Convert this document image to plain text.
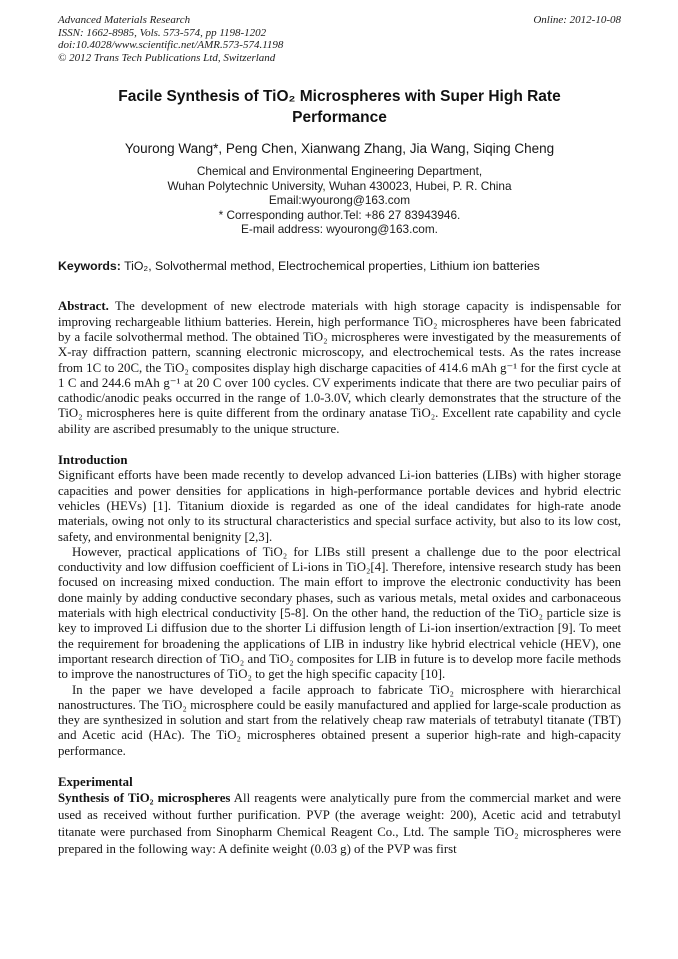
Advanced Materials Research
ISSN: 1662-8985, Vols. 573-574, pp 1198-1202
doi:10.4028/www.scientific.net/AMR.573-574.1198
© 2012 Trans Tech Publications Ltd, Switzerland
Online: 2012-10-08
Facile Synthesis of TiO₂ Microspheres with Super High Rate Performance
Yourong Wang*, Peng Chen, Xianwang Zhang, Jia Wang, Siqing Cheng
Chemical and Environmental Engineering Department,
Wuhan Polytechnic University, Wuhan 430023, Hubei, P. R. China
Email:wyourong@163.com
* Corresponding author.Tel: +86 27 83943946.
E-mail address: wyourong@163.com.

Keywords: TiO₂, Solvothermal method, Electrochemical properties, Lithium ion batteries

Abstract. The development of new electrode materials with high storage capacity is indispensable for improving rechargeable lithium batteries. Herein, high performance TiO₂ microspheres have been fabricated by a facile solvothermal method. The obtained TiO₂ microspheres were investigated by the measurements of X-ray diffraction pattern, scanning electronic microscopy, and electrochemical tests. As the rates increase from 1C to 20C, the TiO₂ composites display high discharge capacities of 414.6 mAh g⁻¹ for the first cycle at 1 C and 244.6 mAh g⁻¹ at 20 C over 100 cycles. CV experiments indicate that there are two peculiar pairs of cathodic/anodic peaks occurred in the range of 1.0-3.0V, which clearly demonstrates that the structure of the TiO₂ microspheres here is quite different from the ordinary anatase TiO₂. Excellent rate capability and cycle ability are ascribed presumably to the unique structure.

Introduction

Significant efforts have been made recently to develop advanced Li-ion batteries (LIBs) with higher storage capacities and power densities for applications in high-performance portable devices and hybrid electric vehicles (HEVs) [1]. Titanium dioxide is regarded as one of the ideal candidates for high-rate anode materials, owing not only to its structural characteristics and special surface activity, but also to its low cost, safety, and environmental benignity [2,3].

However, practical applications of TiO₂ for LIBs still present a challenge due to the poor electrical conductivity and low diffusion coefficient of Li-ions in TiO₂[4]. Therefore, intensive research study has been focused on increasing mixed conduction. The main effort to improve the electronic conductivity has been done mainly by adding conductive secondary phases, such as various metals, metal oxides and carbonaceous materials with high electrical conductivity [5-8]. On the other hand, the reduction of the TiO₂ particle size is key to improved Li diffusion due to the shorter Li diffusion length of Li-ion insertion/extraction [9]. To meet the requirement for broadening the applications of LIB in industry like hybrid electrical vehicle (HEV), one important research direction of TiO₂ and TiO₂ composites for LIB in future is to develop more facile methods to improve the nanostructures of TiO₂ to get the high specific capacity [10].

In the paper we have developed a facile approach to fabricate TiO₂ microsphere with hierarchical nanostructures. The TiO₂ microsphere could be easily manufactured and applied for large-scale production as they are synthesized in solution and start from the relatively cheap raw materials of tetrabutyl titanate (TBT) and Acetic acid (HAc). The TiO₂ microspheres obtained present a superior high-rate and high-capacity performance.

Experimental

Synthesis of TiO₂ microspheres All reagents were analytically pure from the commercial market and were used as received without further purification. PVP (the average weight: 200), Acetic acid and tetrabutyl titanate were purchased from Sinopharm Chemical Reagent Co., Ltd. The sample TiO₂ microspheres were prepared in the following way: A definite weight (0.03 g) of the PVP was first
